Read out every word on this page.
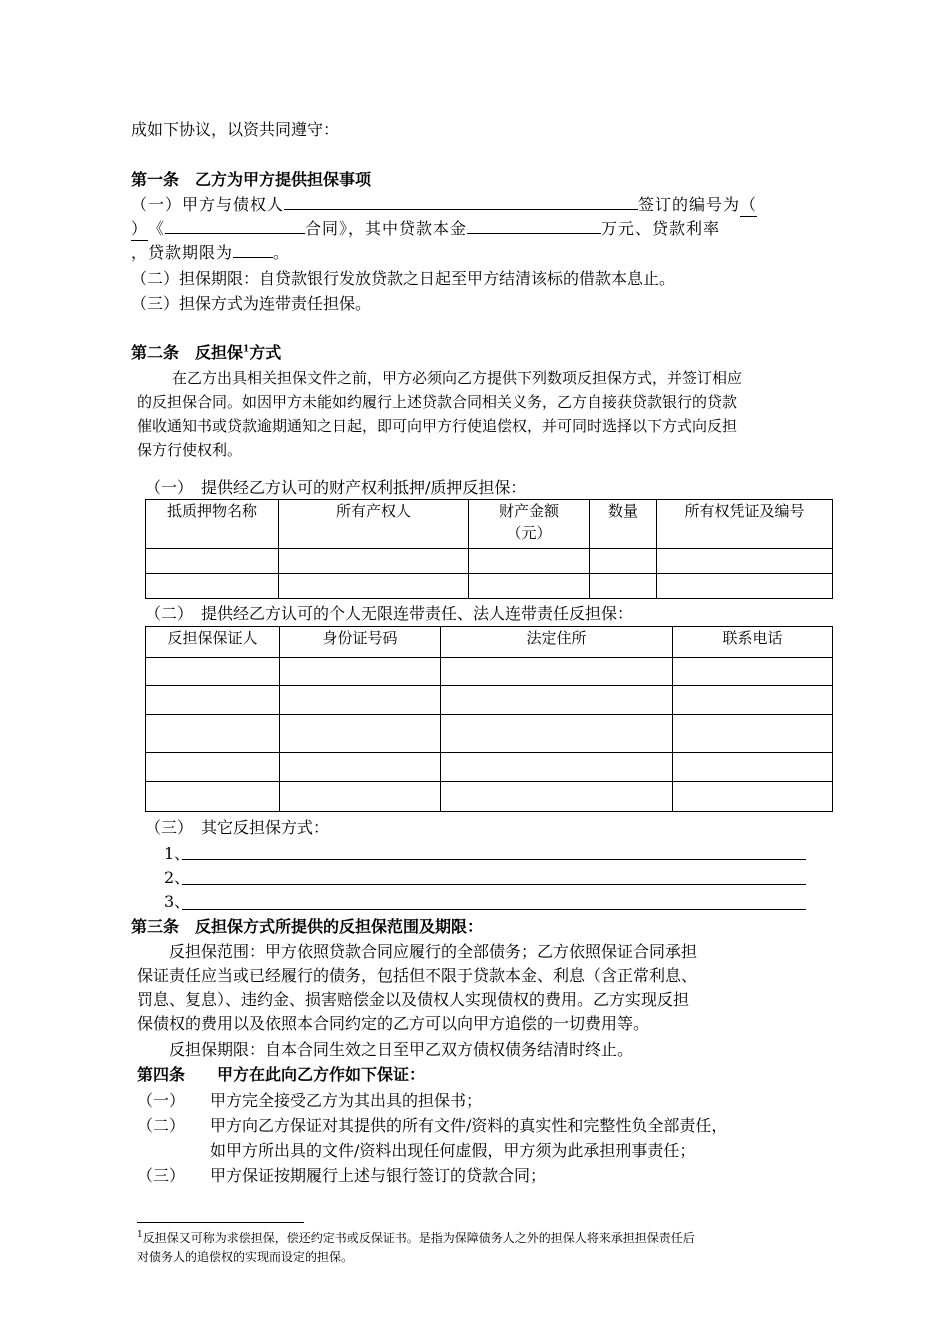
成如下协议，以资共同遵守：
第一条　乙方为甲方提供担保事项
（一）甲方与债权人	签订的编号为（
）《	合同》，其中贷款本金	万元、贷款利率
，贷款期限为	。
（二）担保期限：自贷款银行发放贷款之日起至甲方结清该标的借款本息止。
（三）担保方式为连带责任担保。
第二条　反担保$^1$方式
在乙方出具相关担保文件之前，甲方必须向乙方提供下列数项反担保方式，并签订相应
的反担保合同。如因甲方未能如约履行上述贷款合同相关义务，乙方自接获贷款银行的贷款
催收通知书或贷款逾期通知之日起，即可向甲方行使追偿权，并可同时选择以下方式向反担
保方行使权利。
（一）　提供经乙方认可的财产权利抵押/质押反担保：
抵质押物名称	所有产权人	财产金额
（元）	数量	所有权凭证及编号

（二）　提供经乙方认可的个人无限连带责任、法人连带责任反担保：
反担保保证人	身份证号码	法定住所	联系电话

（三）　其它反担保方式：
1、
2、
3、
第三条　反担保方式所提供的反担保范围及期限：
反担保范围：甲方依照贷款合同应履行的全部债务；乙方依照保证合同承担
保证责任应当或已经履行的债务，包括但不限于贷款本金、利息（含正常利息、
罚息、复息）、违约金、损害赔偿金以及债权人实现债权的费用。乙方实现反担
保债权的费用以及依照本合同约定的乙方可以向甲方追偿的一切费用等。
反担保期限：自本合同生效之日至甲乙双方债权债务结清时终止。
第四条　　甲方在此向乙方作如下保证：
（一） 甲方完全接受乙方为其出具的担保书；
（二） 甲方向乙方保证对其提供的所有文件/资料的真实性和完整性负全部责任，
如甲方所出具的文件/资料出现任何虚假，甲方须为此承担刑事责任；
（三） 甲方保证按期履行上述与银行签订的贷款合同；
$^1$反担保又可称为求偿担保，偿还约定书或反保证书。是指为保障债务人之外的担保人将来承担担保责任后
对债务人的追偿权的实现而设定的担保。
